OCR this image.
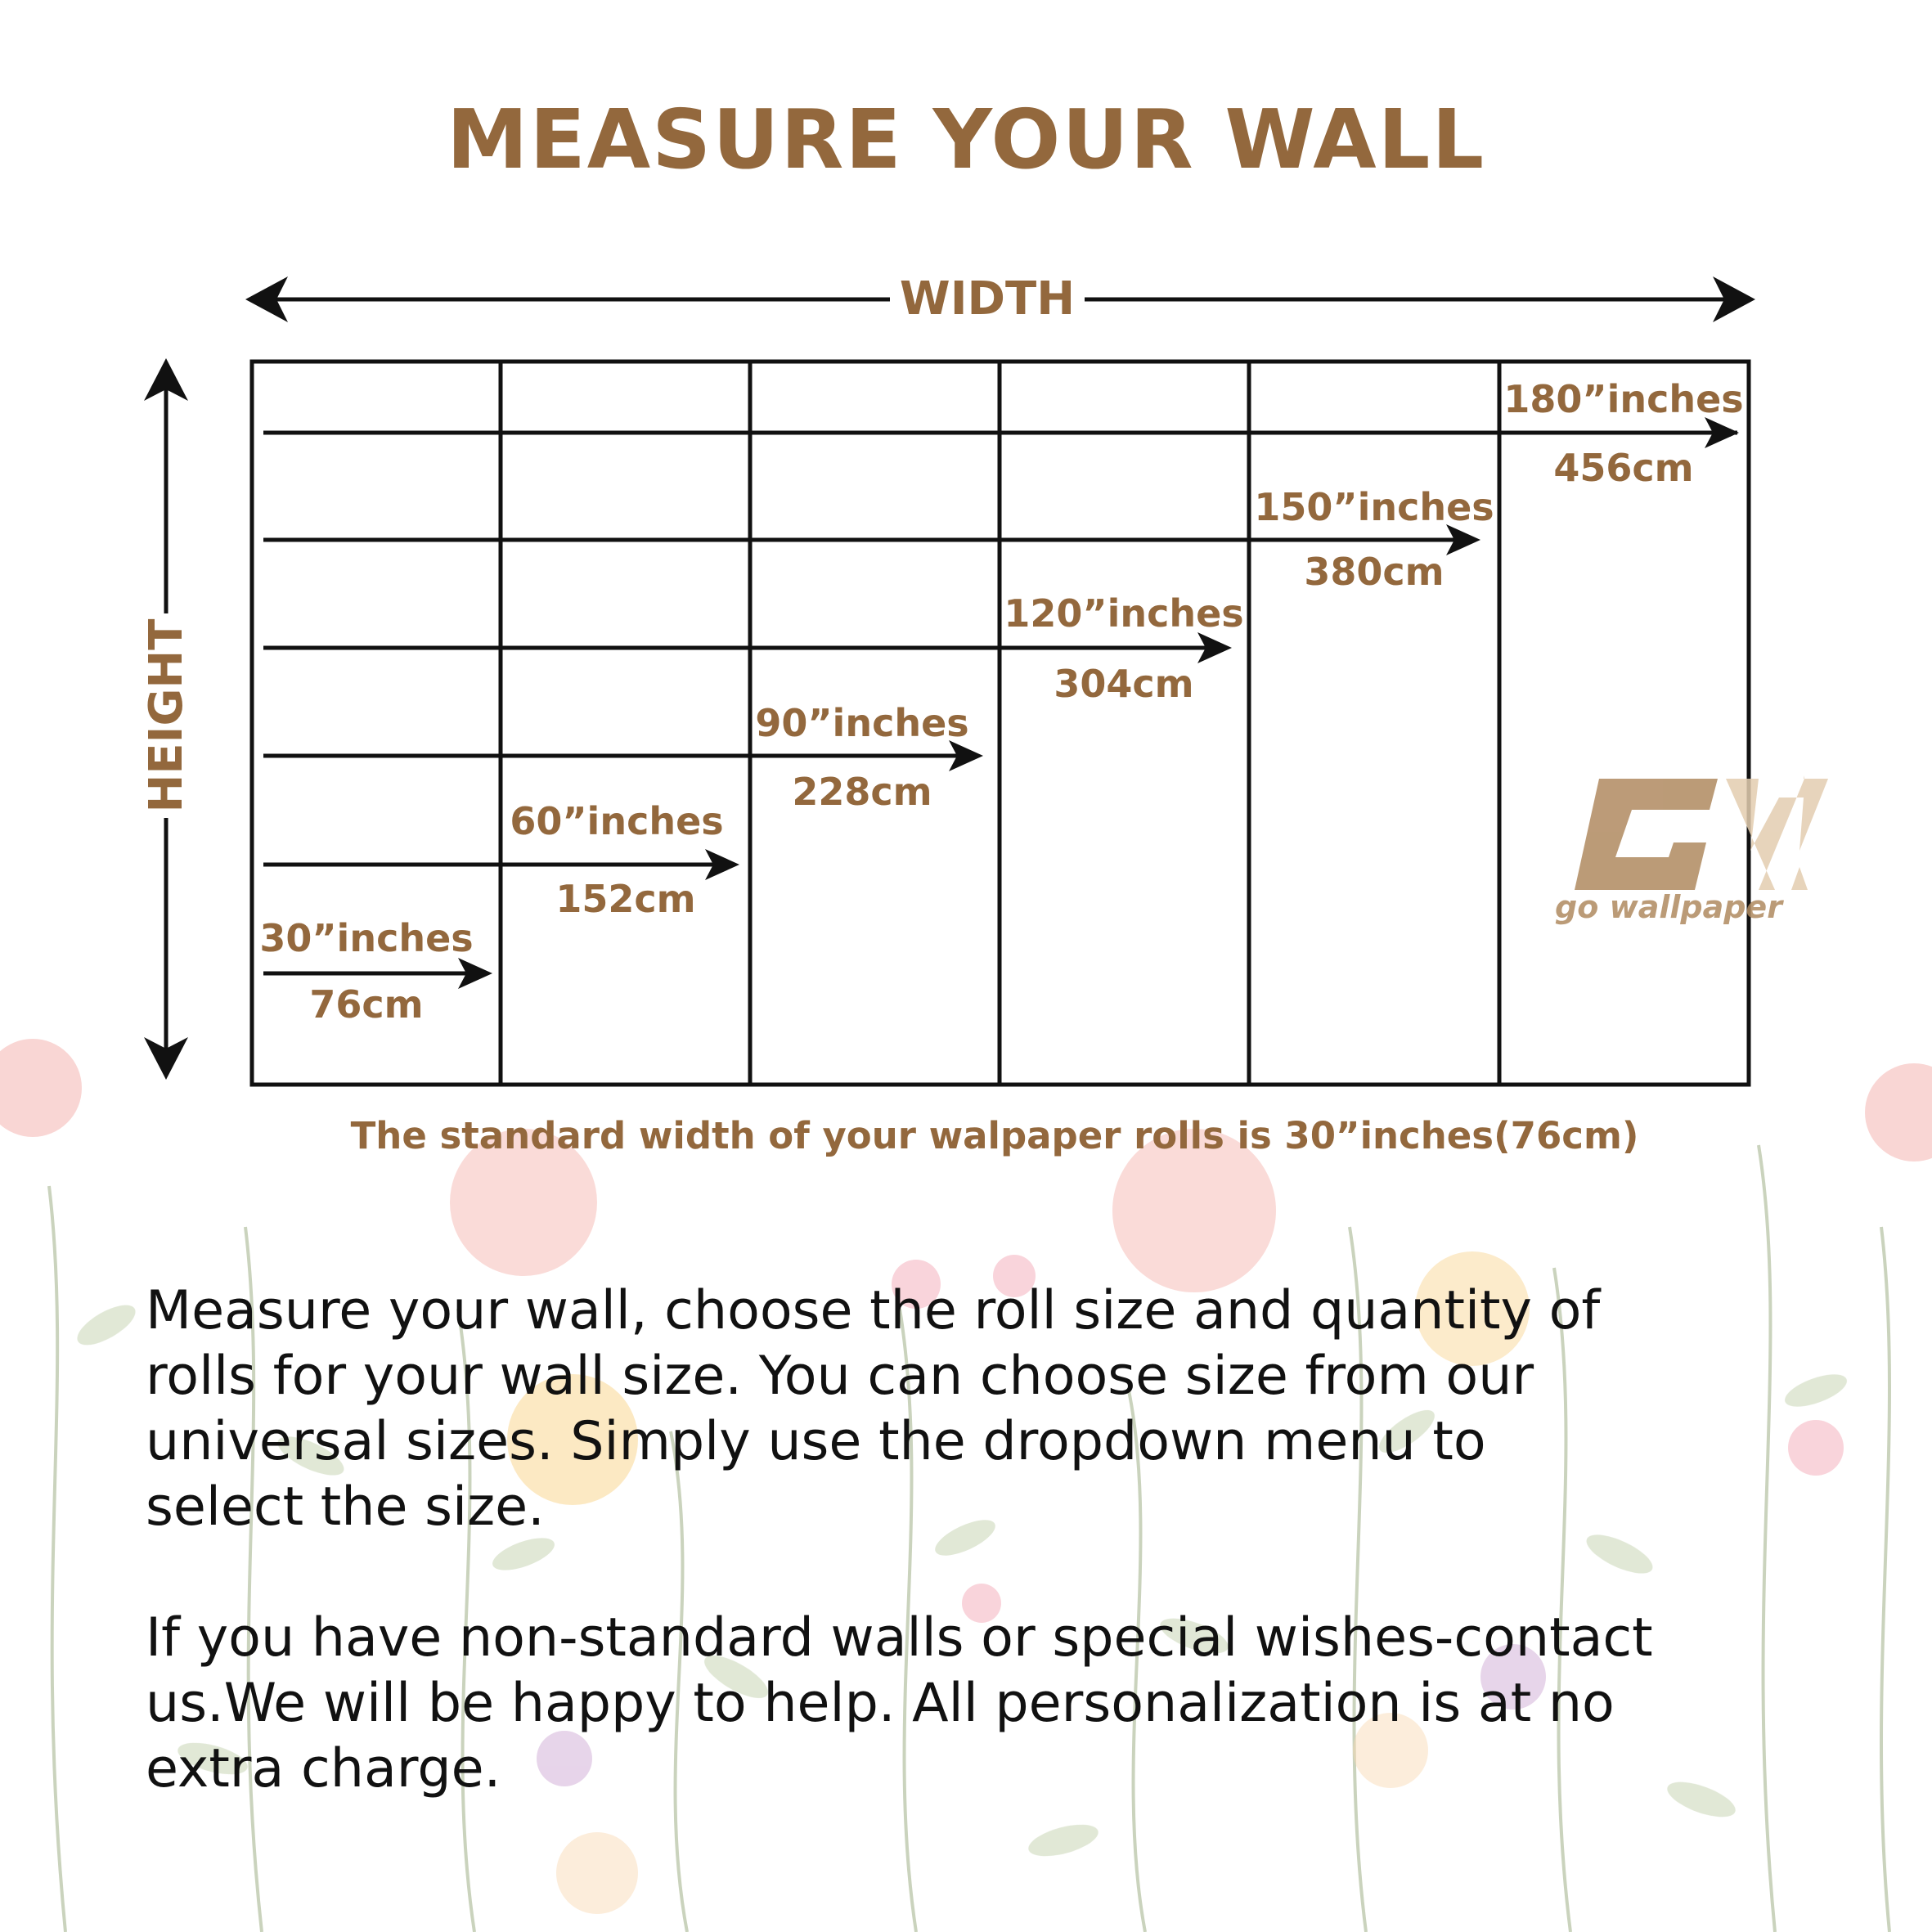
MEASURE YOUR WALL
WIDTH
HEIGHT
180”inches
456cm
150”inches
380cm
120”inches
304cm
90”inches
228cm
60”inches
152cm
30”inches
76cm
go wallpaper
The standard width of your walpaper rolls is 30”inches(76cm)
Measure your wall, choose the roll size and quantity of
rolls for your wall size. You can choose size from our
universal sizes. Simply use the dropdown menu to
select the size.
If you have non-standard walls or special wishes-contact
us.We will be happy to help. All personalization is at no
extra charge.
